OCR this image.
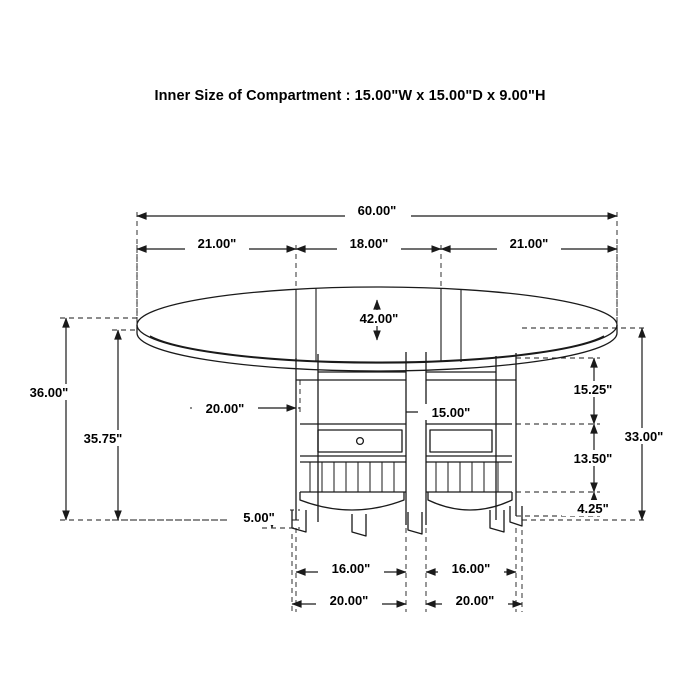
Inner Size of Compartment : 15.00"W x 15.00"D x 9.00"H
60.00"
21.00"	18.00"	21.00"
42.00"
36.00"
35.75"
20.00"	15.00"
15.25"
13.50"
4.25"
33.00"
5.00"
16.00"	16.00"
20.00"	20.00"
